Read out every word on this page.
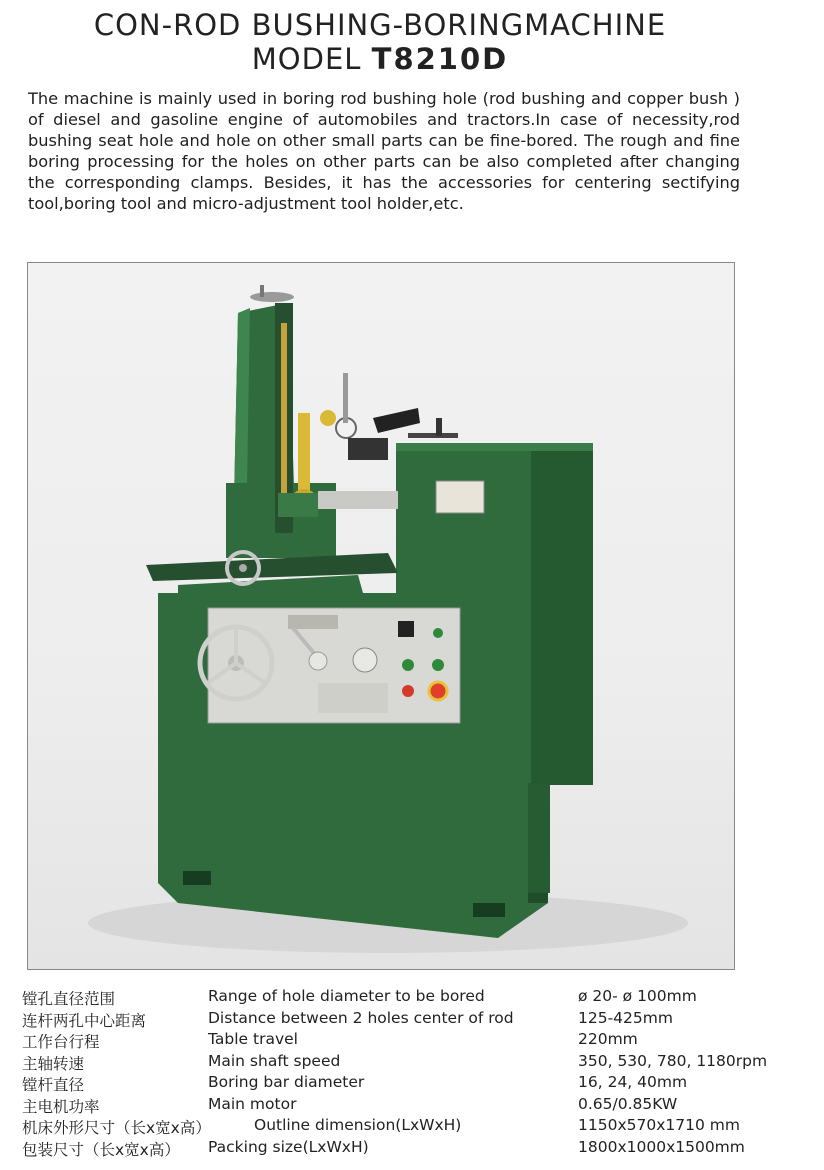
CON-ROD BUSHING-BORINGMACHINE
MODEL T8210D
The machine is mainly used in boring rod bushing hole (rod bushing and copper bush ) of diesel and gasoline engine of automobiles and tractors.In case of necessity,rod bushing seat hole and hole on other small parts can be fine-bored. The rough and fine boring processing for the holes on other parts can be also completed after changing the corresponding clamps. Besides, it has the accessories for centering sectifying tool,boring tool and micro-adjustment tool holder,etc.
镗孔直径范围	Range of hole diameter to be bored	ø 20- ø 100mm
连杆两孔中心距离	Distance between 2 holes center of rod	125-425mm
工作台行程	Table travel	220mm
主轴转速	Main shaft speed	350, 530, 780, 1180rpm
镗杆直径	Boring bar diameter	16, 24, 40mm
主电机功率	Main motor	0.65/0.85KW
机床外形尺寸（长x宽x高）	Outline dimension(LxWxH)	1150x570x1710 mm
包装尺寸（长x宽x高） Packing size(LxWxH)	1800x1000x1500mm
